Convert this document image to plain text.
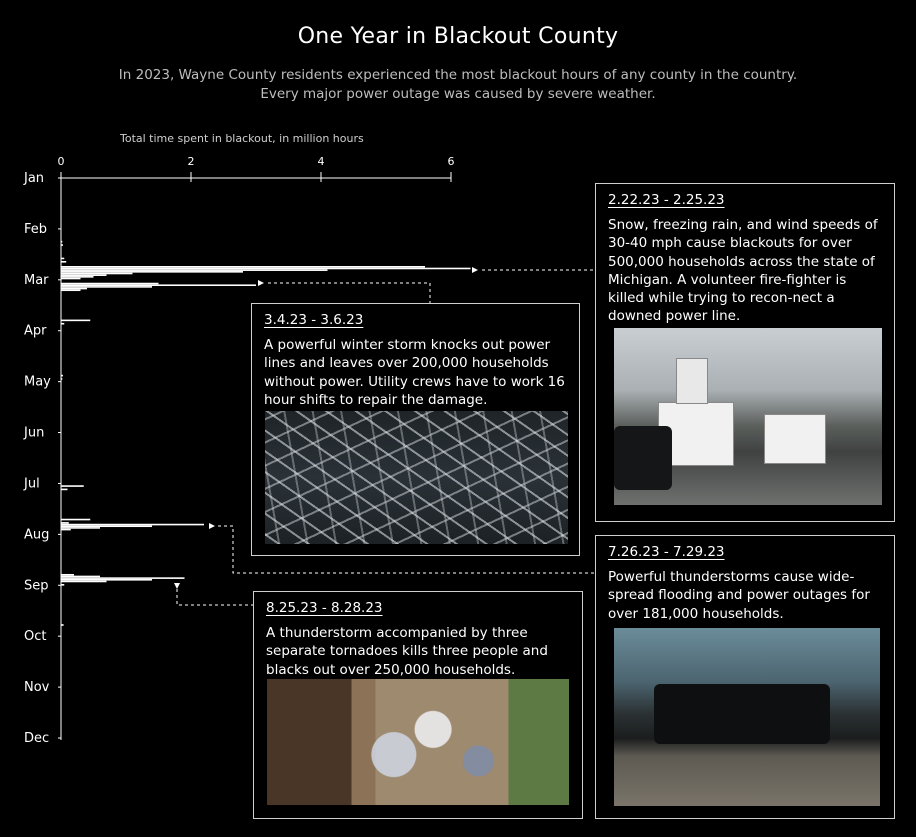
One Year in Blackout County
In 2023, Wayne County residents experienced the most blackout hours of any county in the country.
Every major power outage was caused by severe weather.
Total time spent in blackout, in million hours
0	2	4	6
Jan
Feb
Mar
Apr
May
Jun
Jul
Aug
Sep
Oct
Nov
Dec
2.22.23 - 2.25.23
Snow, freezing rain, and wind speeds of 30-40 mph cause blackouts for over 500,000 households across the state of Michigan. A volunteer fire-fighter is killed while trying to recon-nect a downed power line.
3.4.23 - 3.6.23
A powerful winter storm knocks out power lines and leaves over 200,000 households without power. Utility crews have to work 16 hour shifts to repair the damage.
7.26.23 - 7.29.23
Powerful thunderstorms cause wide-spread flooding and power outages for over 181,000 households.
8.25.23 - 8.28.23
A thunderstorm accompanied by three separate tornadoes kills three people and blacks out over 250,000 households.
